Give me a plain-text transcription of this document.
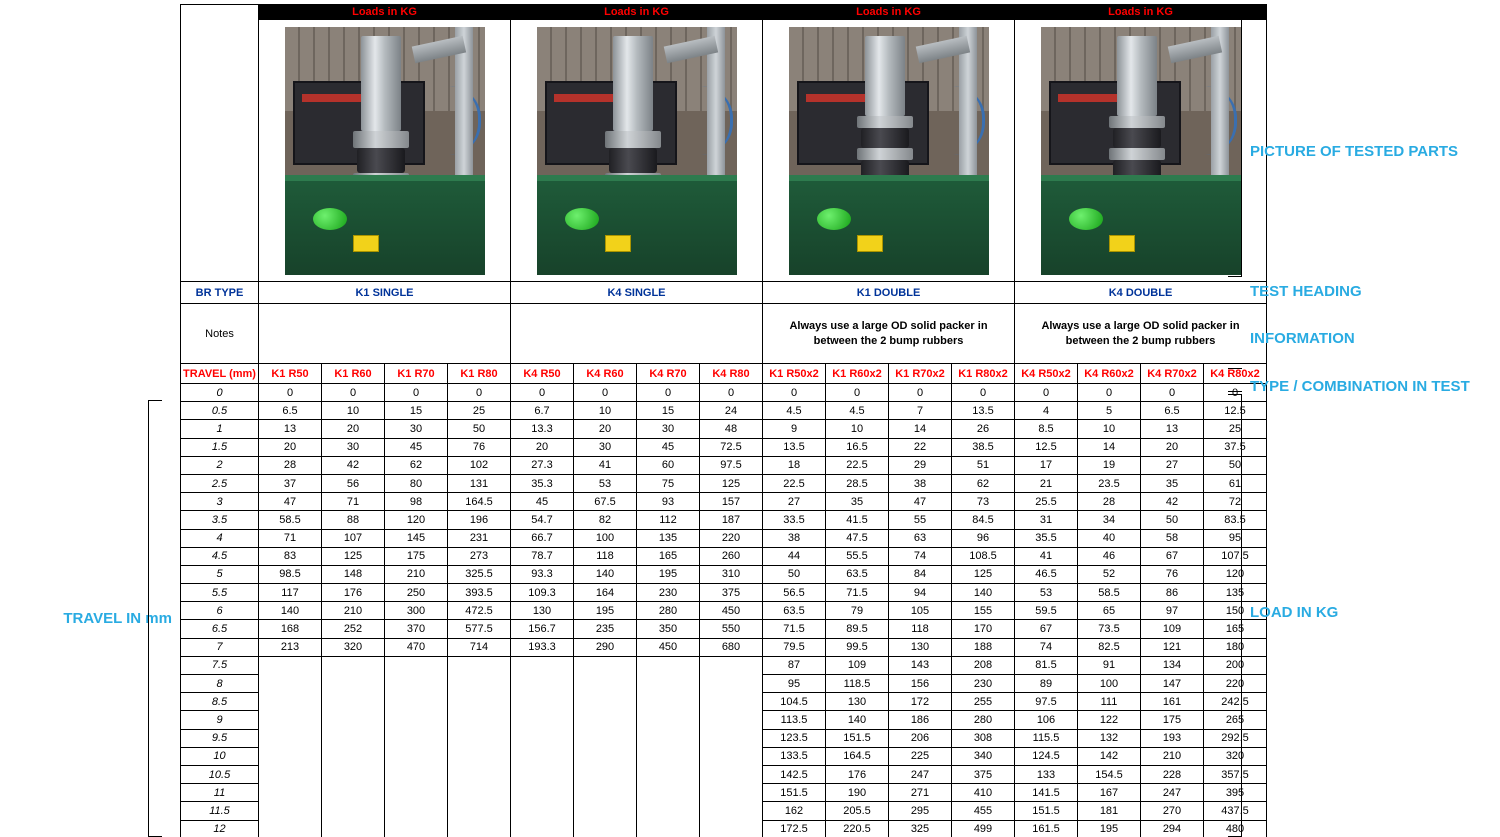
TRAVEL IN mm
	Loads in KG				Loads in KG				Loads in KG				Loads in KG			

BR TYPE	K1 SINGLE				K4 SINGLE				K1 DOUBLE				K4 DOUBLE			
Notes									Always use a large OD solid packer in between the 2 bump rubbers				Always use a large OD solid packer in between the 2 bump rubbers			
TRAVEL (mm)	K1 R50	K1 R60	K1 R70	K1 R80	K4 R50	K4 R60	K4 R70	K4 R80	K1 R50x2	K1 R60x2	K1 R70x2	K1 R80x2	K4 R50x2	K4 R60x2	K4 R70x2	K4 R80x2
0	0	0	0	0	0	0	0	0	0	0	0	0	0	0	0	0
0.5	6.5	10	15	25	6.7	10	15	24	4.5	4.5	7	13.5	4	5	6.5	12.5
1	13	20	30	50	13.3	20	30	48	9	10	14	26	8.5	10	13	25
1.5	20	30	45	76	20	30	45	72.5	13.5	16.5	22	38.5	12.5	14	20	37.5
2	28	42	62	102	27.3	41	60	97.5	18	22.5	29	51	17	19	27	50
2.5	37	56	80	131	35.3	53	75	125	22.5	28.5	38	62	21	23.5	35	61
3	47	71	98	164.5	45	67.5	93	157	27	35	47	73	25.5	28	42	72
3.5	58.5	88	120	196	54.7	82	112	187	33.5	41.5	55	84.5	31	34	50	83.5
4	71	107	145	231	66.7	100	135	220	38	47.5	63	96	35.5	40	58	95
4.5	83	125	175	273	78.7	118	165	260	44	55.5	74	108.5	41	46	67	107.5
5	98.5	148	210	325.5	93.3	140	195	310	50	63.5	84	125	46.5	52	76	120
5.5	117	176	250	393.5	109.3	164	230	375	56.5	71.5	94	140	53	58.5	86	135
6	140	210	300	472.5	130	195	280	450	63.5	79	105	155	59.5	65	97	150
6.5	168	252	370	577.5	156.7	235	350	550	71.5	89.5	118	170	67	73.5	109	165
7	213	320	470	714	193.3	290	450	680	79.5	99.5	130	188	74	82.5	121	180
7.5									87	109	143	208	81.5	91	134	200
8									95	118.5	156	230	89	100	147	220
8.5									104.5	130	172	255	97.5	111	161	242.5
9									113.5	140	186	280	106	122	175	265
9.5									123.5	151.5	206	308	115.5	132	193	292.5
10									133.5	164.5	225	340	124.5	142	210	320
10.5									142.5	176	247	375	133	154.5	228	357.5
11									151.5	190	271	410	141.5	167	247	395
11.5									162	205.5	295	455	151.5	181	270	437.5
12									172.5	220.5	325	499	161.5	195	294	480
PICTURE OF TESTED PARTS
TEST HEADING
INFORMATION
TYPE / COMBINATION IN TEST
LOAD IN KG
